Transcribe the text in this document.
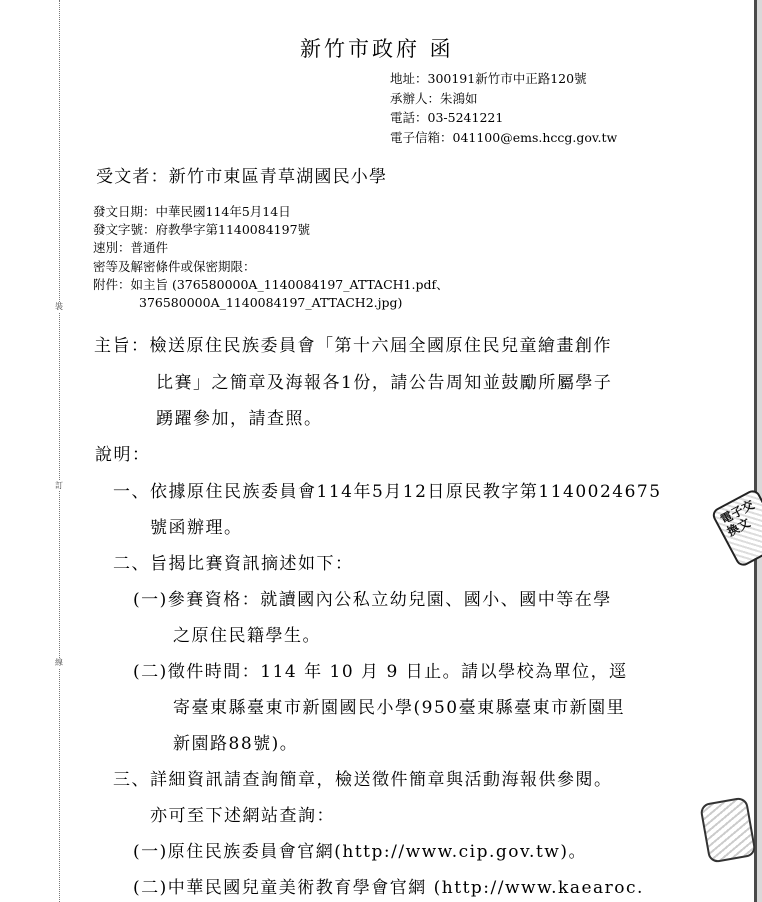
裝
訂
線
新竹市政府 函
地址：300191新竹市中正路120號
承辦人：朱鴻如
電話：03-5241221
電子信箱：041100@ems.hccg.gov.tw
受文者：新竹市東區青草湖國民小學
發文日期：中華民國114年5月14日
發文字號：府教學字第1140084197號
速別：普通件
密等及解密條件或保密期限：
附件：如主旨 (376580000A_1140084197_ATTACH1.pdf、
376580000A_1140084197_ATTACH2.jpg)
主旨：檢送原住民族委員會「第十六屆全國原住民兒童繪畫創作
比賽」之簡章及海報各1份，請公告周知並鼓勵所屬學子
踴躍參加，請查照。
說明：
一、依據原住民族委員會114年5月12日原民教字第1140024675
號函辦理。
二、旨揭比賽資訊摘述如下：
(一)參賽資格：就讀國內公私立幼兒園、國小、國中等在學
之原住民籍學生。
(二)徵件時間：114 年 10 月 9 日止。請以學校為單位，逕
寄臺東縣臺東市新園國民小學(950臺東縣臺東市新園里
新園路88號)。
三、詳細資訊請查詢簡章，檢送徵件簡章與活動海報供參閱。
亦可至下述網站查詢：
(一)原住民族委員會官網(http://www.cip.gov.tw)。
(二)中華民國兒童美術教育學會官網 (http://www.kaearoc.
電子交換文
